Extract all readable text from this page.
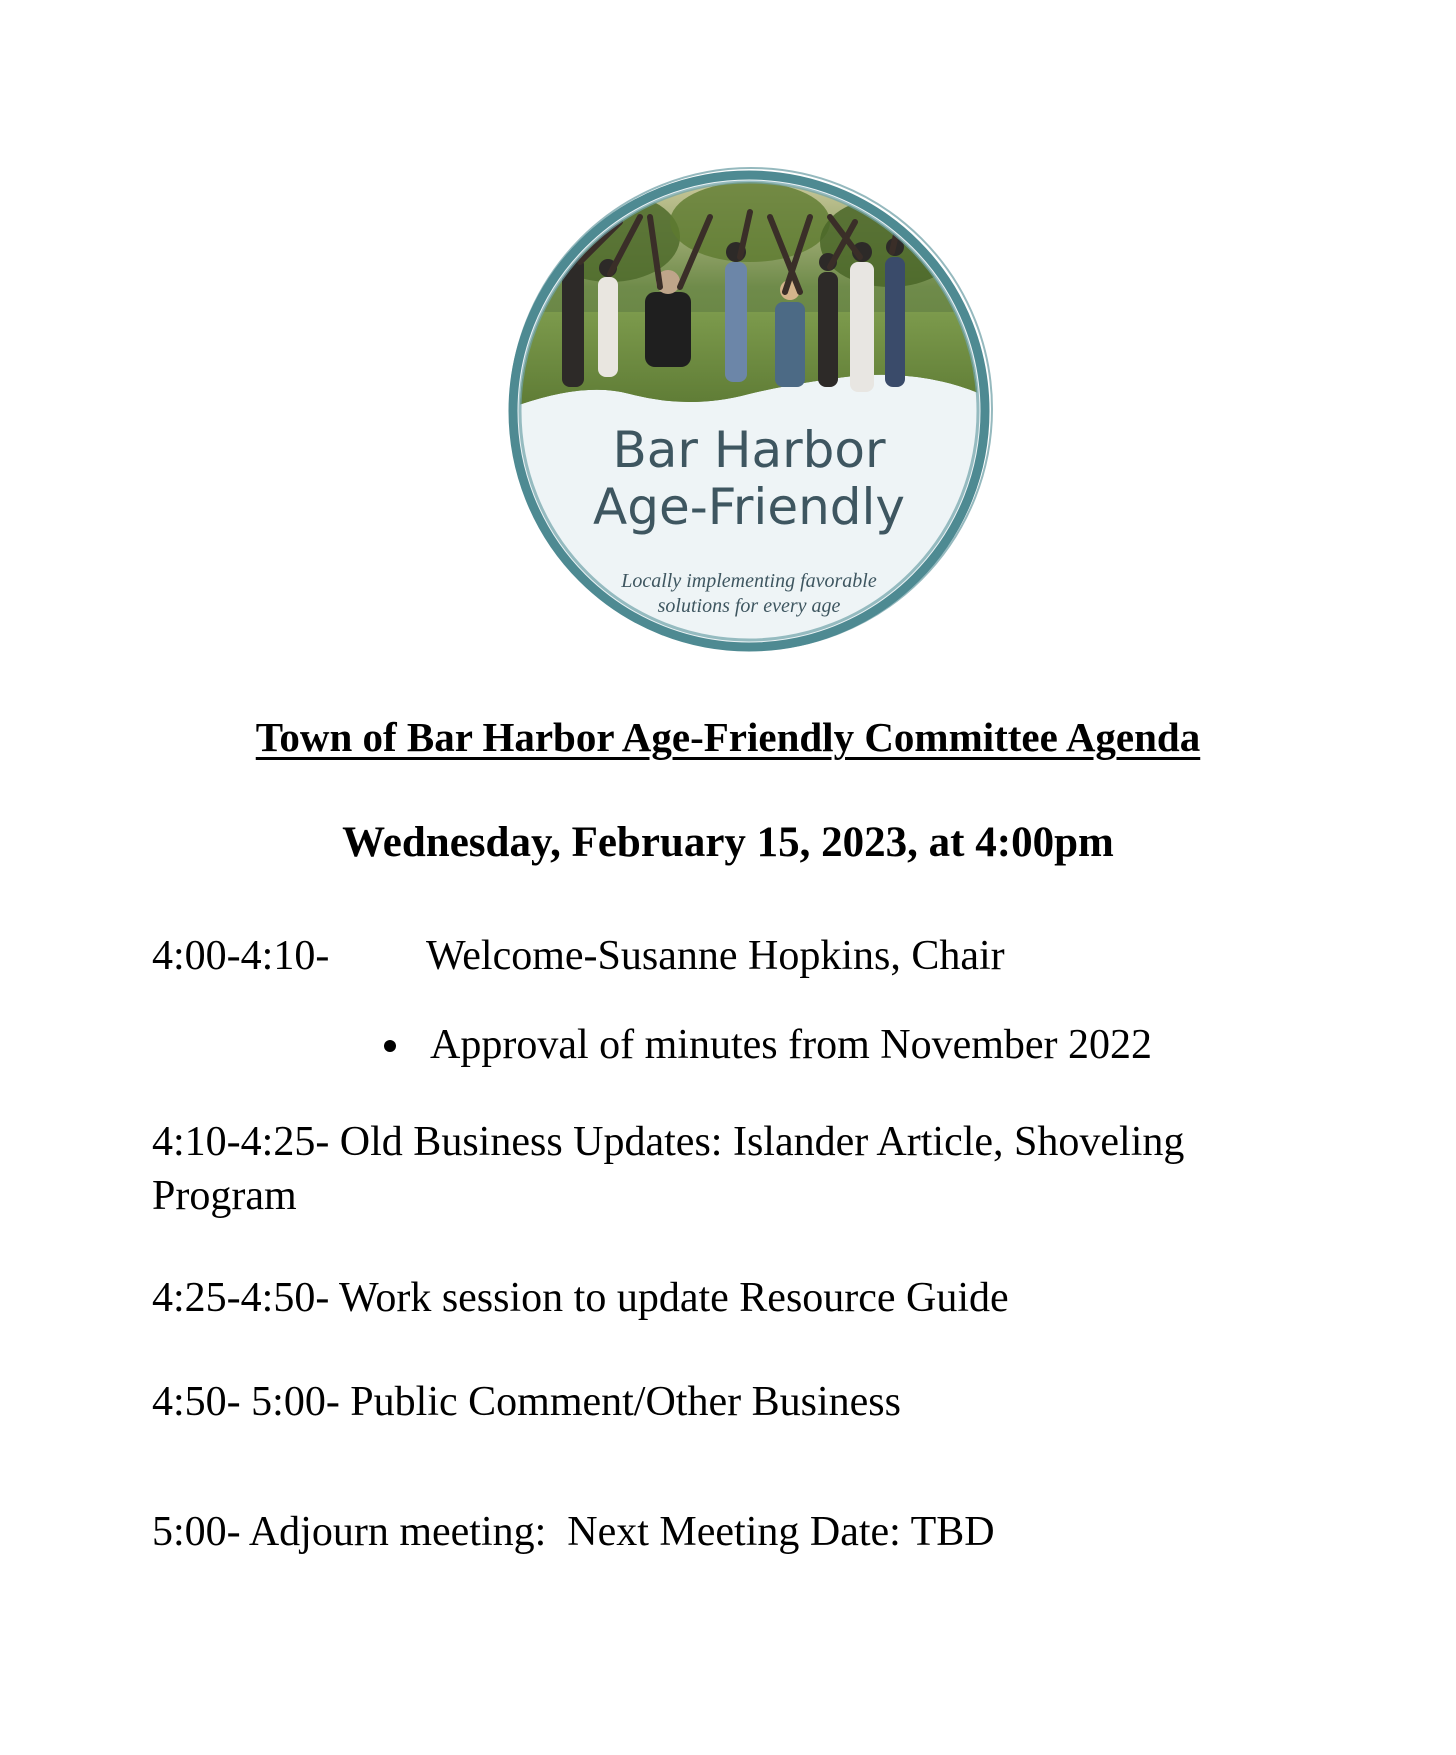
Bar Harbor
Age-Friendly
Locally implementing favorable
solutions for every age
Town of Bar Harbor Age-Friendly Committee Agenda
Wednesday, February 15, 2023, at 4:00pm
4:00-4:10- Welcome-Susanne Hopkins, Chair
Approval of minutes from November 2022
4:10-4:25- Old Business Updates: Islander Article, Shoveling Program
4:25-4:50- Work session to update Resource Guide
4:50- 5:00- Public Comment/Other Business
5:00- Adjourn meeting:  Next Meeting Date: TBD
